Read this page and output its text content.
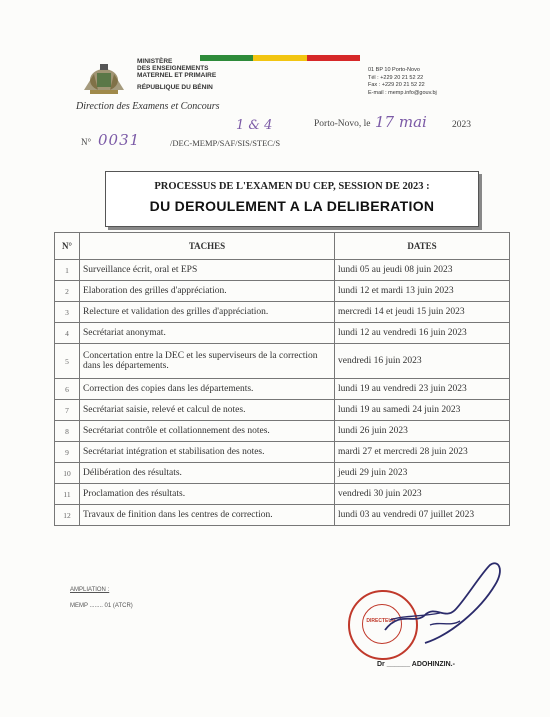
MINISTÈRE
DES ENSEIGNEMENTS
MATERNEL ET PRIMAIRE
RÉPUBLIQUE DU BÉNIN
Direction des Examens et Concours
01 BP 10 Porto-Novo
Tél : +229 20 21 52 22
Fax : +229 20 21 52 22
E-mail : memp.info@gouv.bj
Porto-Novo, le 17 mai	2023
1 & 4
N° 0031	/DEC-MEMP/SAF/SIS/STEC/S
PROCESSUS DE L'EXAMEN DU CEP, SESSION DE 2023 :
DU DEROULEMENT A LA DELIBERATION
N°	TACHES	DATES
1	Surveillance écrit, oral et EPS	lundi 05 au jeudi 08 juin 2023
2	Elaboration des grilles d'appréciation.	lundi 12 et mardi 13 juin 2023
3	Relecture et validation des grilles d'appréciation.	mercredi 14 et jeudi 15 juin 2023
4	Secrétariat anonymat.	lundi 12 au vendredi 16 juin 2023
5	Concertation entre la DEC et les superviseurs de la correction dans les départements.	vendredi 16 juin 2023
6	Correction des copies dans les départements.	lundi 19 au vendredi 23 juin 2023
7	Secrétariat saisie, relevé et calcul de notes.	lundi 19 au samedi 24 juin 2023
8	Secrétariat contrôle et collationnement des notes.	lundi 26 juin 2023
9	Secrétariat intégration et stabilisation des notes.	mardi 27 et mercredi 28 juin 2023
10	Délibération des résultats.	jeudi 29 juin 2023
11	Proclamation des résultats.	vendredi 30 juin 2023
12	Travaux de finition dans les centres de correction.	lundi 03 au vendredi 07 juillet 2023
AMPLIATION :
MEMP ........ 01 (ATCR)
DIRECTEUR
Dr ______ ADOHINZIN.-
